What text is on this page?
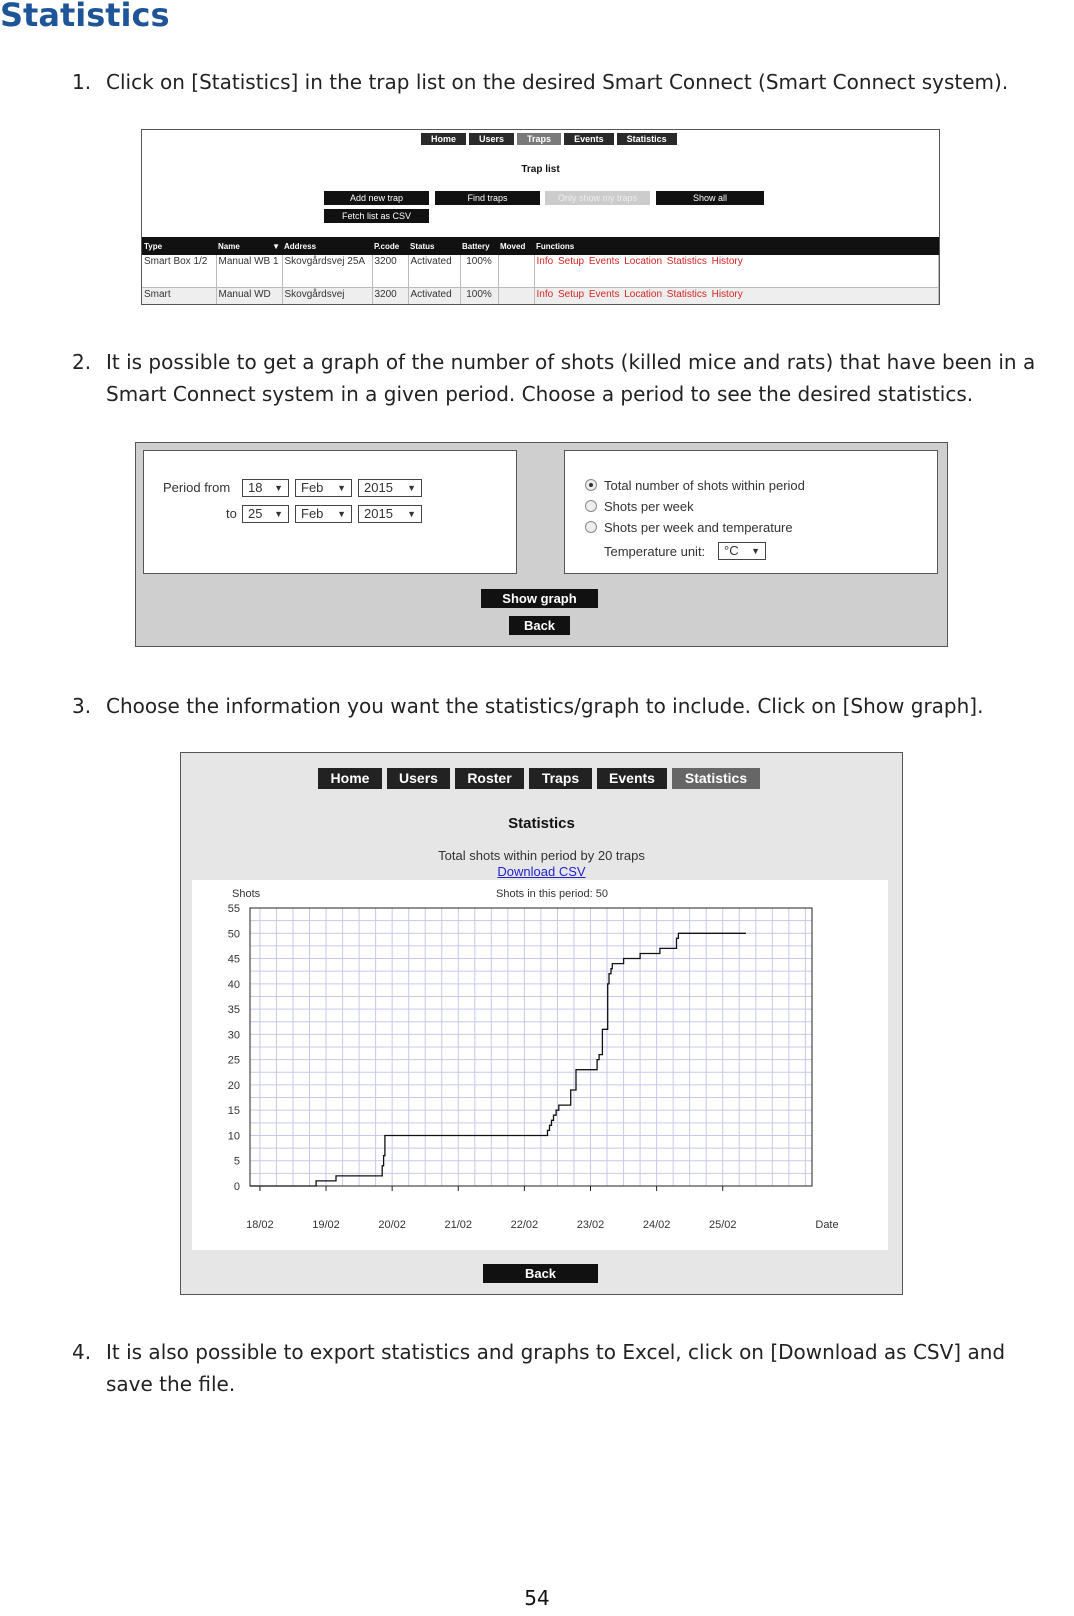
Statistics
1. Click on [Statistics] in the trap list on the desired Smart Connect (Smart Connect system).
Home	Users	Traps	Events	Statistics
Trap list
Add new trap	Find traps	Only show my traps	Show all
Fetch list as CSV
Type	Name ▼	Address	P.code	Status	Battery	Moved	Functions
Smart Box 1/2	Manual WB 1	Skovgårdsvej 25A	3200	Activated	100%		Info Setup Events Location Statistics History
Smart	Manual WD	Skovgårdsvej	3200	Activated	100%		Info Setup Events Location Statistics History
2. It is possible to get a graph of the number of shots (killed mice and rats) that have been in a
Smart Connect system in a given period. Choose a period to see the desired statistics.
Period from	18 ▼	Feb ▼	2015 ▼
to 25 ▼	Feb ▼	2015 ▼
Total number of shots within period
Shots per week
Shots per week and temperature
Temperature unit:	°C ▼
Show graph
Back
3. Choose the information you want the statistics/graph to include. Click on [Show graph].
Home	Users	Roster	Traps	Events	Statistics
Statistics
Total shots within period by 20 traps
Download CSV
0
5
10
15
20
25
30
35
40
45
50
55
18/02	19/02	20/02	21/02	22/02	23/02	24/02	25/02
Shots	Shots in this period: 50
Date
Back
4. It is also possible to export statistics and graphs to Excel, click on [Download as CSV] and
save the file.
54
